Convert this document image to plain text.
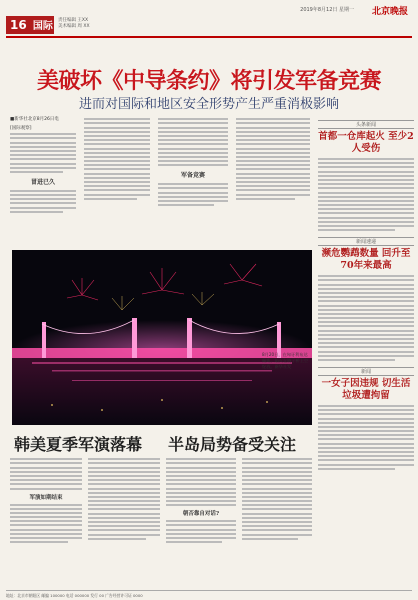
2019年8月12日 星期一 北京晚报
16 国际
责任编辑 王XX
美术编辑 周 XX
美破坏《中导条约》将引发军备竞赛
进而对国际和地区安全形势产生严重消极影响
■新华社北京8月26日电
[国际观察]
冒进已久
军备竞赛
8月20日，在匈牙利布达佩斯，焰火在链子桥上空绽放。新华社发
头条新闻
首都一仓库起火 至少2人受伤
新闻速递
濒危鹦鹉数量 回升至70年来最高
新闻
一女子因违规 切生活垃圾遭拘留
韩美夏季军演落幕 半岛局势备受关注
军演如期结束
朝否靠自对话?
地址：北京市朝阳区 邮编 100000 电话 000000 发行 00 广告经营许可证 0000
